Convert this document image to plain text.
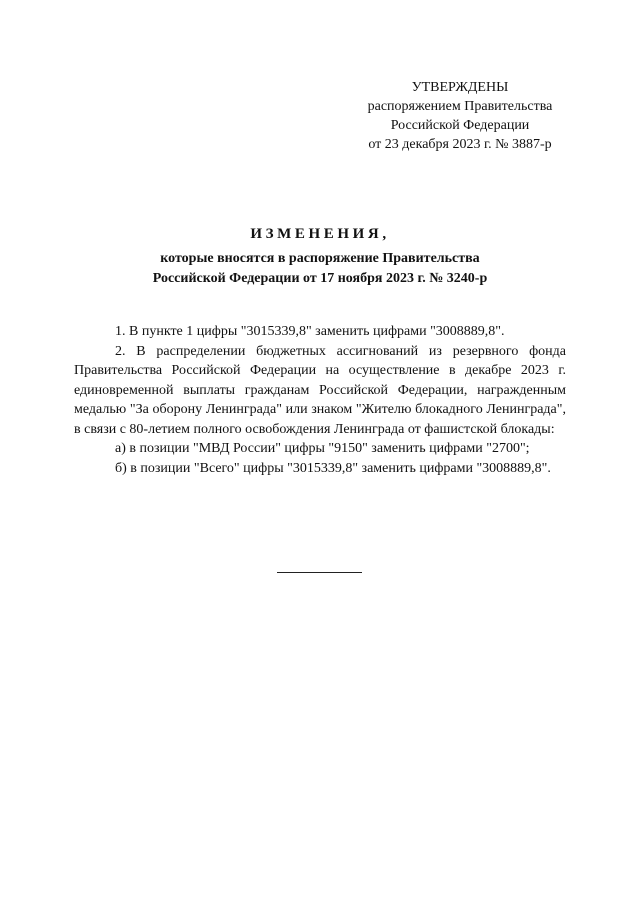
УТВЕРЖДЕНЫ
распоряжением Правительства
Российской Федерации
от 23 декабря 2023 г. № 3887-р
ИЗМЕНЕНИЯ,
которые вносятся в распоряжение Правительства
Российской Федерации от 17 ноября 2023 г. № 3240-р

1. В пункте 1 цифры "3015339,8" заменить цифрами "3008889,8".

2. В распределении бюджетных ассигнований из резервного фонда Правительства Российской Федерации на осуществление в декабре 2023 г. единовременной выплаты гражданам Российской Федерации, награжденным медалью "За оборону Ленинграда" или знаком "Жителю блокадного Ленинграда", в связи с 80-летием полного освобождения Ленинграда от фашистской блокады:

а) в позиции "МВД России" цифры "9150" заменить цифрами "2700";

б) в позиции "Всего" цифры "3015339,8" заменить цифрами "3008889,8".
